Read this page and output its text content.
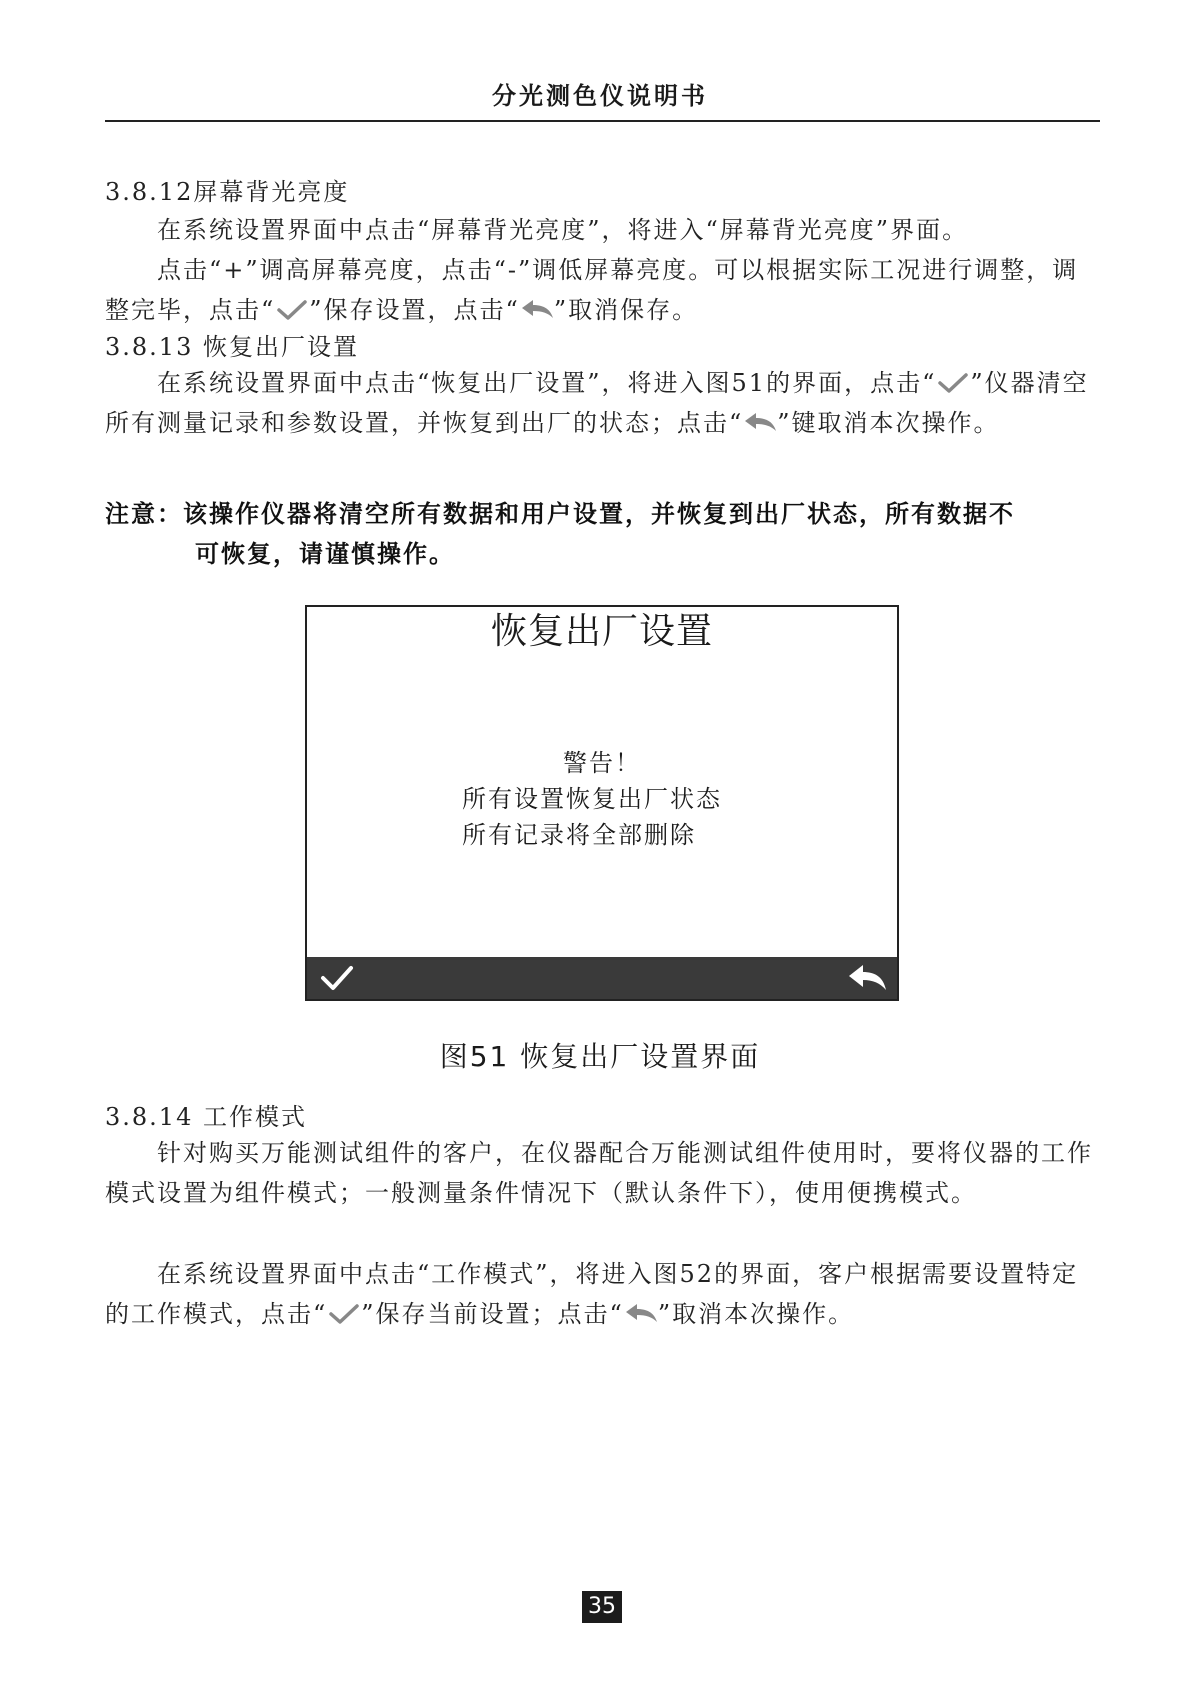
分光测色仪说明书
3.8.12屏幕背光亮度
在系统设置界面中点击“屏幕背光亮度”，将进入“屏幕背光亮度”界面。
点击“+”调高屏幕亮度，点击“-”调低屏幕亮度。可以根据实际工况进行调整，调整完毕，点击“ ”保存设置，点击“ ”取消保存。
3.8.13 恢复出厂设置
在系统设置界面中点击“恢复出厂设置”，将进入图51的界面，点击“ ”仪器清空所有测量记录和参数设置，并恢复到出厂的状态；点击“ ”键取消本次操作。
注意：该操作仪器将清空所有数据和用户设置，并恢复到出厂状态，所有数据不
可恢复，请谨慎操作。
恢复出厂设置
警告！
所有设置恢复出厂状态
所有记录将全部删除
图51 恢复出厂设置界面
3.8.14 工作模式
针对购买万能测试组件的客户，在仪器配合万能测试组件使用时，要将仪器的工作模式设置为组件模式；一般测量条件情况下（默认条件下），使用便携模式。
在系统设置界面中点击“工作模式”，将进入图52的界面，客户根据需要设置特定的工作模式，点击“ ”保存当前设置；点击“ ”取消本次操作。
35
